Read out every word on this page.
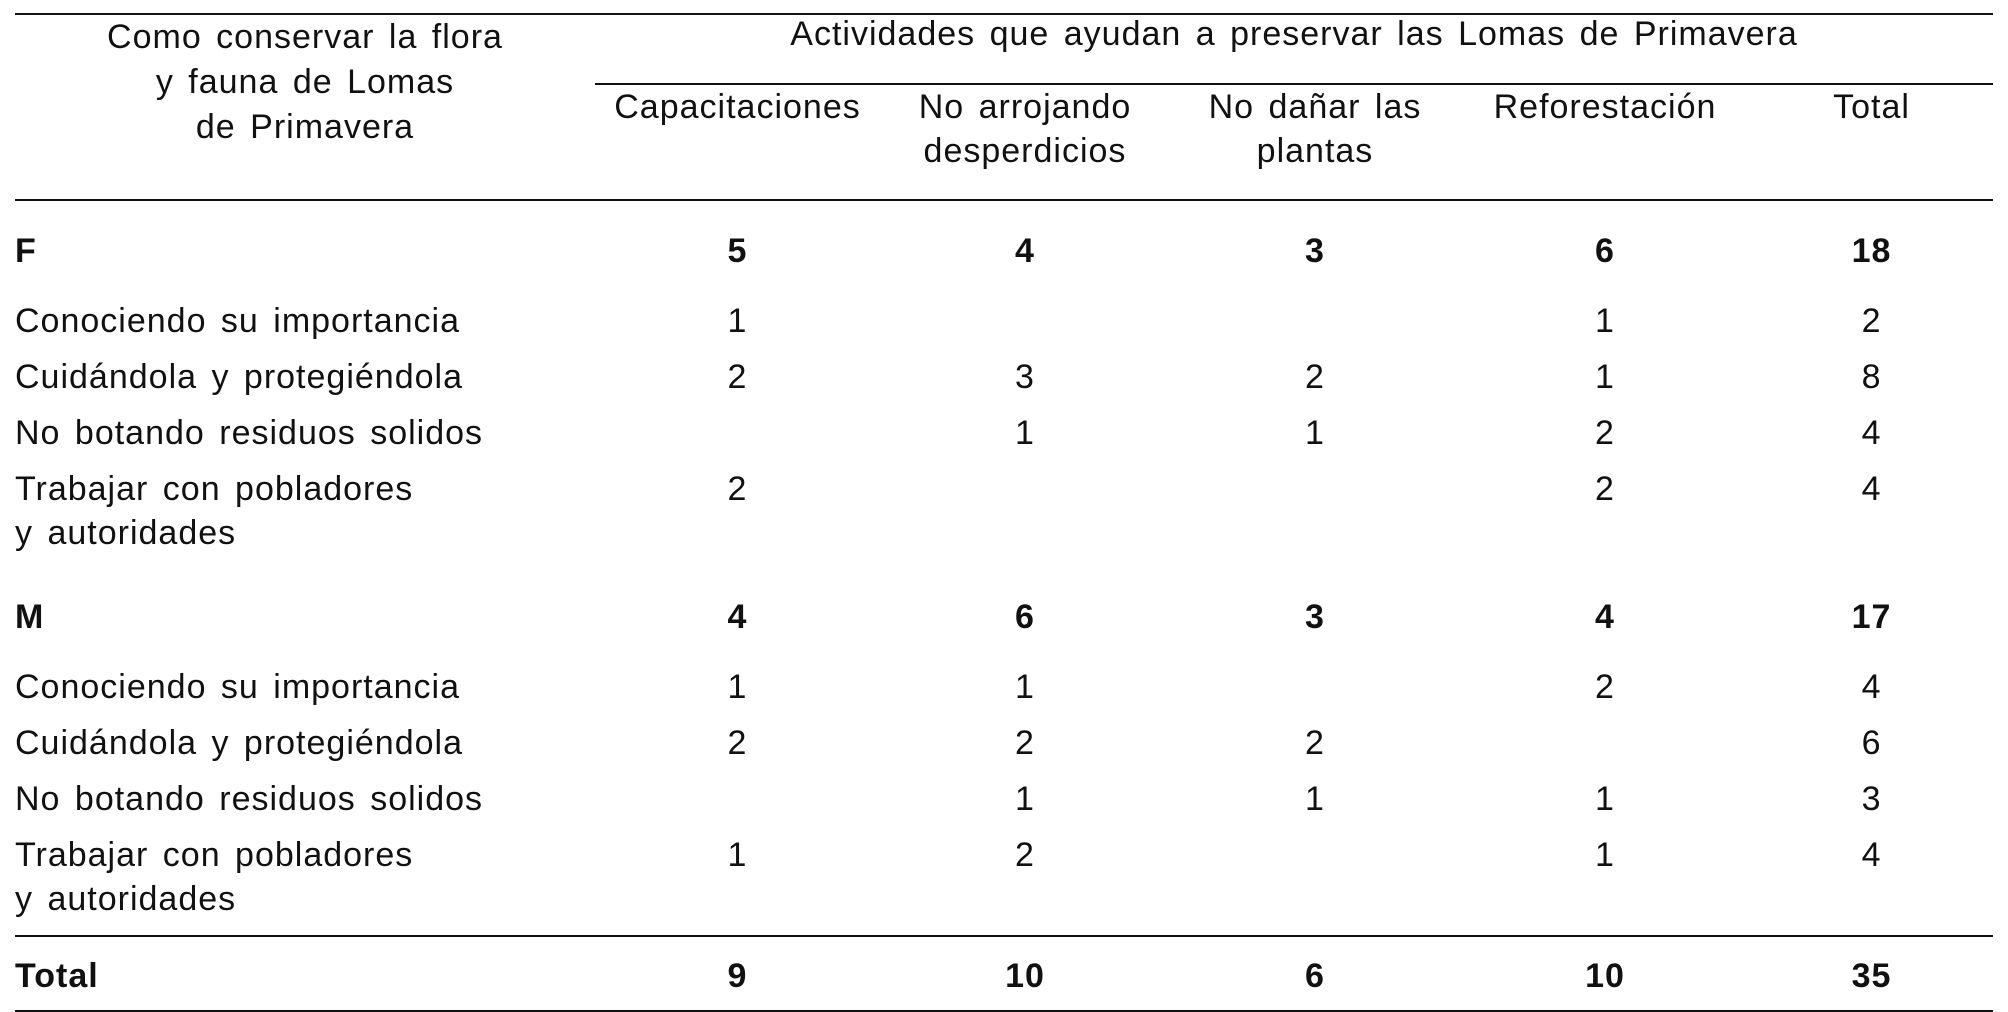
Como conservar la flora
y fauna de Lomas
de Primavera	Actividades que ayudan a preservar las Lomas de Primavera				
	Capacitaciones	No arrojando
desperdicios	No dañar las
plantas	Reforestación	Total
F	5	4	3	6	18
Conociendo su importancia	1			1	2
Cuidándola y protegiéndola	2	3	2	1	8
No botando residuos solidos		1	1	2	4
Trabajar con pobladores
y autoridades	2			2	4
M	4	6	3	4	17
Conociendo su importancia	1	1		2	4
Cuidándola y protegiéndola	2	2	2		6
No botando residuos solidos		1	1	1	3
Trabajar con pobladores
y autoridades	1	2		1	4
Total	9	10	6	10	35
